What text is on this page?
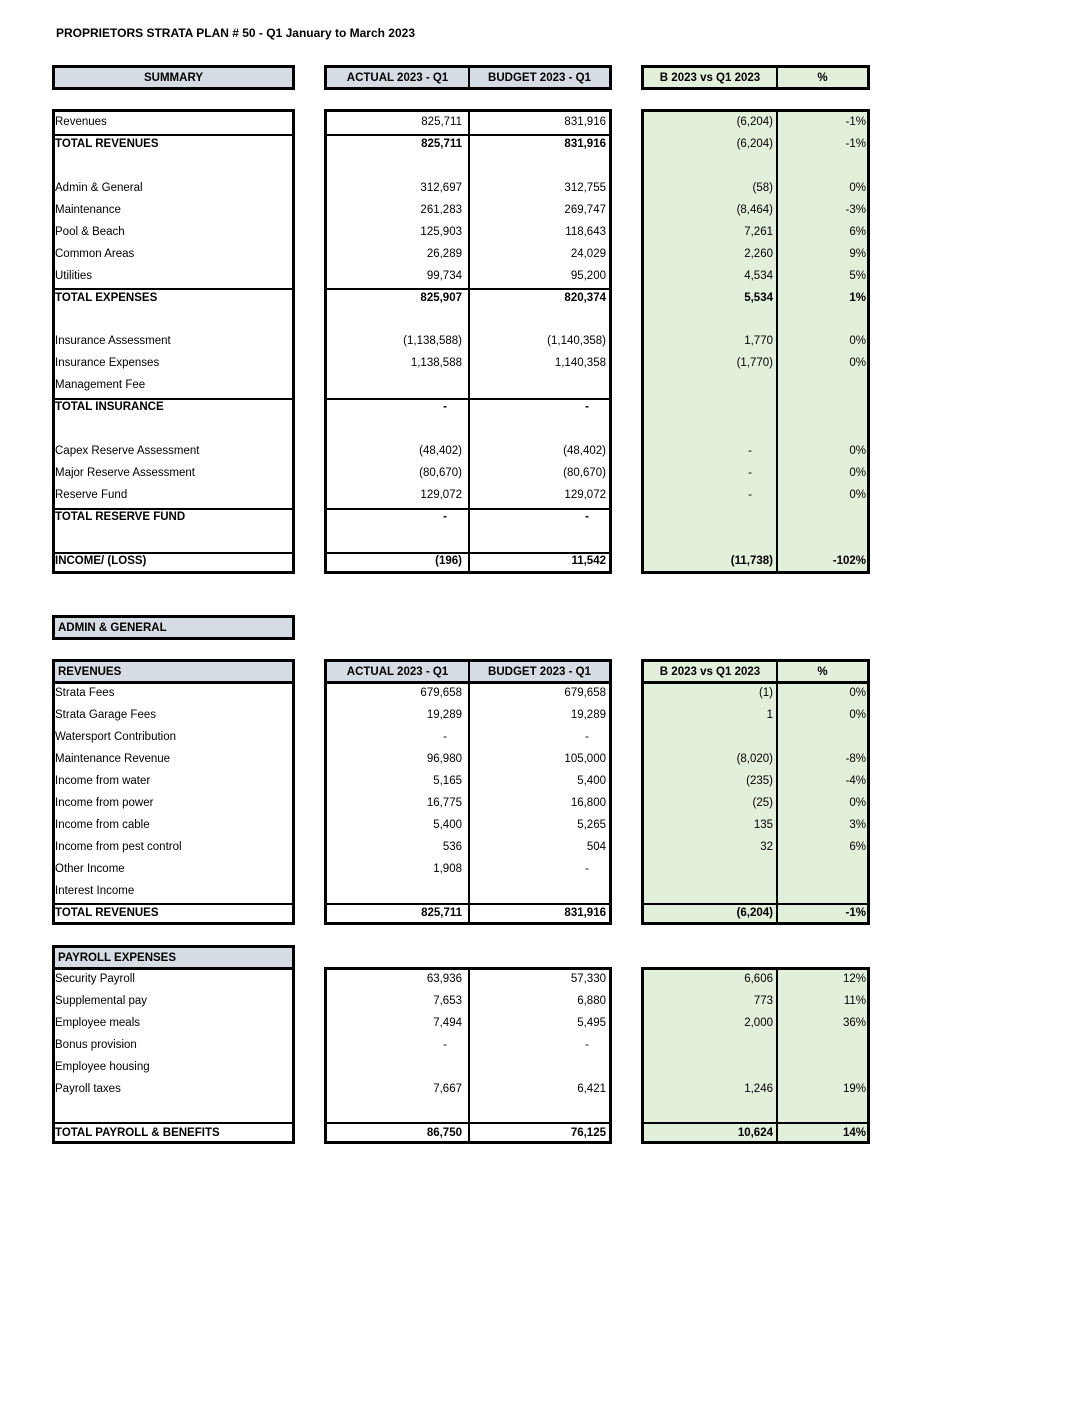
PROPRIETORS STRATA PLAN # 50 - Q1 January to March 2023
SUMMARY	ACTUAL 2023 - Q1	BUDGET 2023 - Q1	B 2023 vs Q1 2023	%
Revenues	825,711	831,916	(6,204)	-1%
TOTAL REVENUES	825,711	831,916	(6,204)	-1%
Admin & General	312,697	312,755	(58)	0%
Maintenance	261,283	269,747	(8,464)	-3%
Pool & Beach	125,903	118,643	7,261	6%
Common Areas	26,289	24,029	2,260	9%
Utilities	99,734	95,200	4,534	5%
TOTAL EXPENSES	825,907	820,374	5,534	1%
Insurance Assessment	(1,138,588)	(1,140,358)	1,770	0%
Insurance Expenses	1,138,588	1,140,358	(1,770)	0%
Management Fee
TOTAL INSURANCE	-	-
Capex Reserve Assessment	(48,402)	(48,402)	-	0%
Major Reserve Assessment	(80,670)	(80,670)	-	0%
Reserve Fund	129,072	129,072	-	0%
TOTAL RESERVE FUND	-	-
INCOME/ (LOSS)	(196)	11,542	(11,738)	-102%
ADMIN & GENERAL
REVENUES	ACTUAL 2023 - Q1	BUDGET 2023 - Q1	B 2023 vs Q1 2023	%
Strata Fees	679,658	679,658	(1)	0%
Strata Garage Fees	19,289	19,289	1	0%
Watersport Contribution	-	-
Maintenance Revenue	96,980	105,000	(8,020)	-8%
Income from water	5,165	5,400	(235)	-4%
Income from power	16,775	16,800	(25)	0%
Income from cable	5,400	5,265	135	3%
Income from pest control	536	504	32	6%
Other Income	1,908	-
Interest Income
TOTAL REVENUES	825,711	831,916	(6,204)	-1%
PAYROLL EXPENSES
Security Payroll	63,936	57,330	6,606	12%
Supplemental pay	7,653	6,880	773	11%
Employee meals	7,494	5,495	2,000	36%
Bonus provision	-	-
Employee housing
Payroll taxes	7,667	6,421	1,246	19%
TOTAL PAYROLL & BENEFITS	86,750	76,125	10,624	14%
